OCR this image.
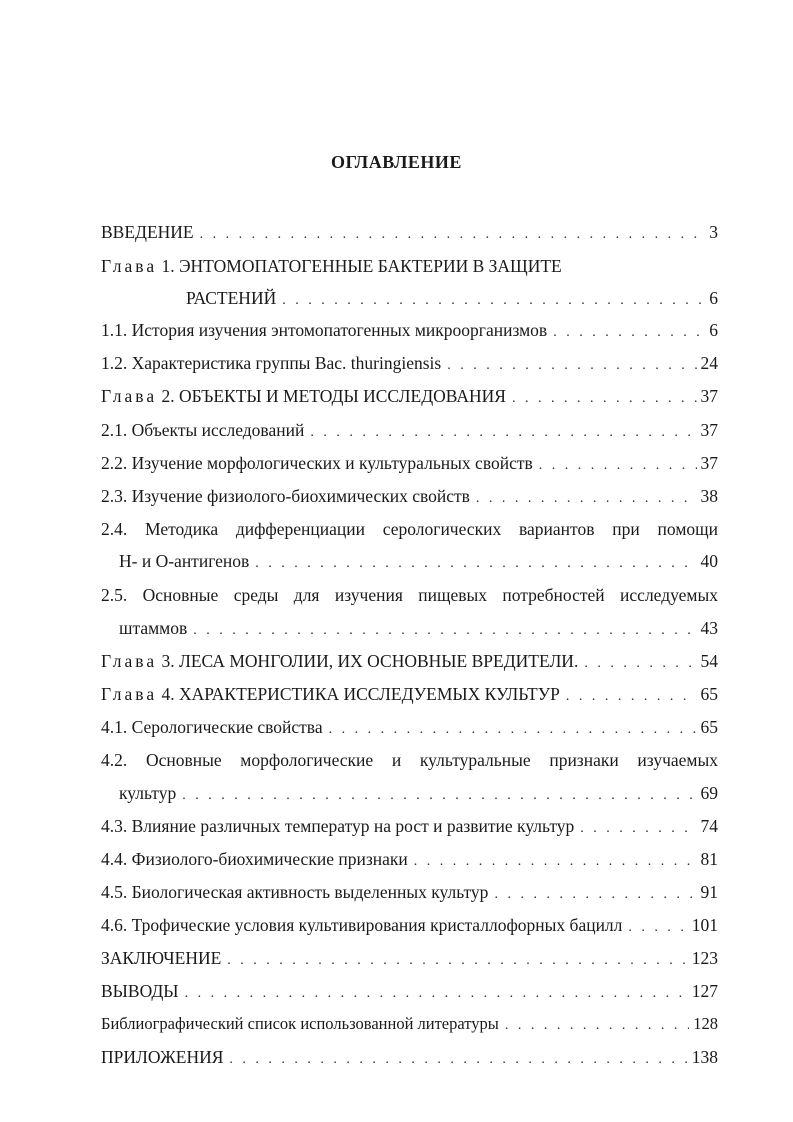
ОГЛАВЛЕНИЕ
ВВЕДЕНИЕ . . .	3
Глава 1. ЭНТОМОПАТОГЕННЫЕ БАКТЕРИИ В ЗАЩИТЕ
РАСТЕНИЙ . . .	6
1.1. История изучения энтомопатогенных микроорганизмов . . .	6
1.2. Характеристика группы Bac. thuringiensis . . .	24
Глава 2. ОБЪЕКТЫ И МЕТОДЫ ИССЛЕДОВАНИЯ . . .	37
2.1. Объекты исследований . . .	37
2.2. Изучение морфологических и культуральных свойств . . .	37
2.3. Изучение физиолого-биохимических свойств . . .	38
2.4. Методика дифференциации серологических вариантов при помощи
Н- и О-антигенов . . .	40
2.5. Основные среды для изучения пищевых потребностей исследуемых
штаммов . . .	43
Глава 3. ЛЕСА МОНГОЛИИ, ИХ ОСНОВНЫЕ ВРЕДИТЕЛИ. . . .	54
Глава 4. ХАРАКТЕРИСТИКА ИССЛЕДУЕМЫХ КУЛЬТУР . . .	65
4.1. Серологические свойства . . .	65
4.2. Основные морфологические и культуральные признаки изучаемых
культур . . .	69
4.3. Влияние различных температур на рост и развитие культур . . .	74
4.4. Физиолого-биохимические признаки . . .	81
4.5. Биологическая активность выделенных культур . . .	91
4.6. Трофические условия культивирования кристаллофорных бацилл . . .	101
ЗАКЛЮЧЕНИЕ . . .	123
ВЫВОДЫ . . .	127
Библиографический список использованной литературы . . .	128
ПРИЛОЖЕНИЯ . . .	138
